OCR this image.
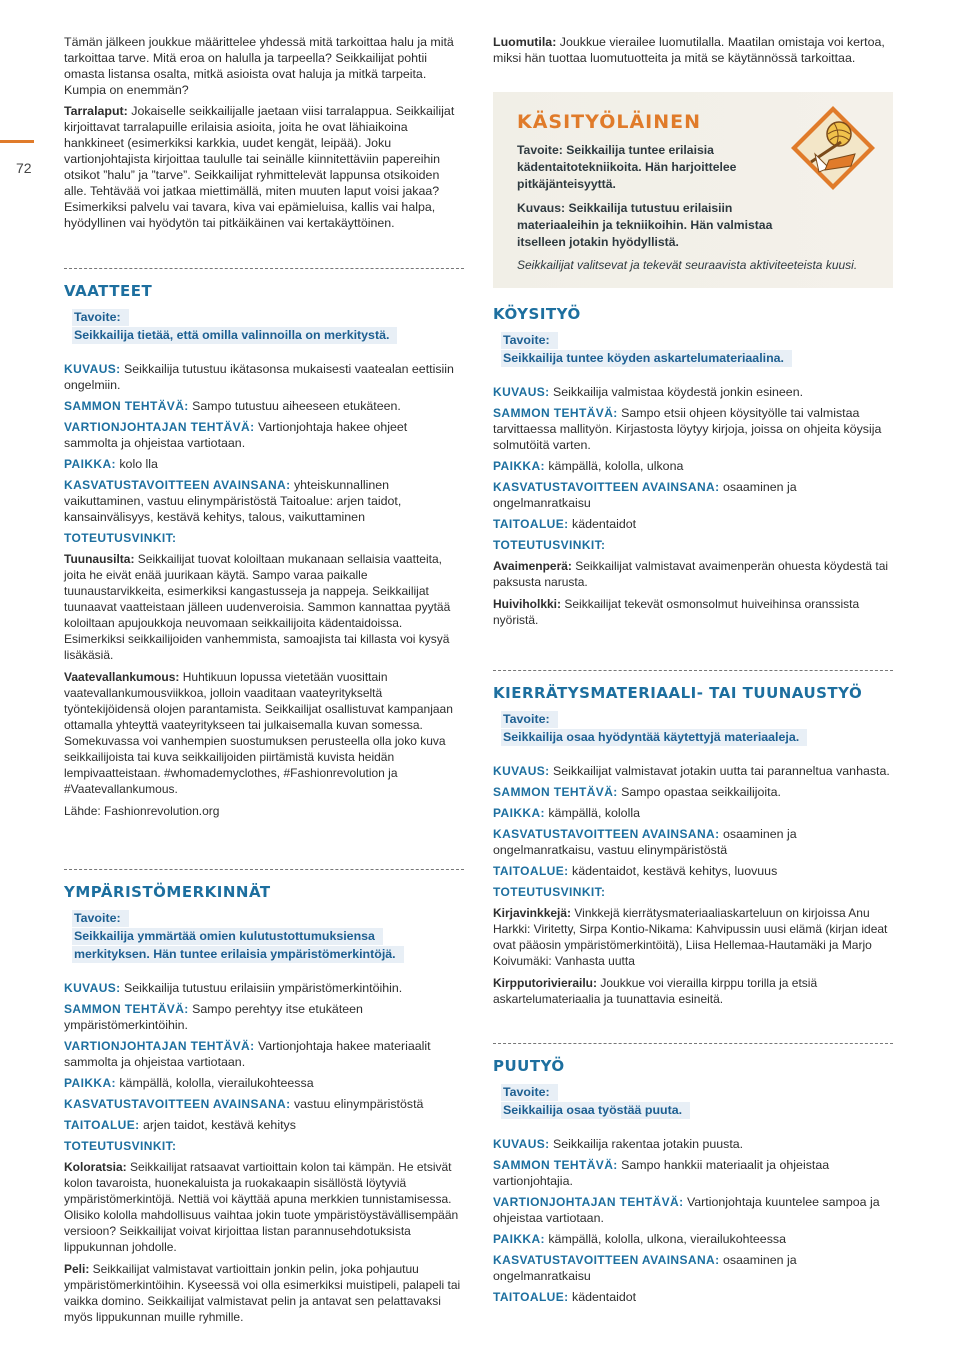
72

Tämän jälkeen joukkue määrittelee yhdessä mitä tarkoittaa halu ja mitä tarkoittaa tarve. Mitä eroa on halulla ja tarpeella? Seikkailijat pohtii omasta listansa osalta, mitkä asioista ovat haluja ja mitkä tarpeita. Kumpia on enemmän?

Tarralaput: Jokaiselle seikkailijalle jaetaan viisi tarralappua. Seikkailijat kirjoittavat tarralapuille erilaisia asioita, joita he ovat lähiaikoina hankkineet (esimerkiksi karkkia, uudet kengät, leipää). Joku vartionjohtajista kirjoittaa taululle tai seinälle kiinnitettäviin papereihin otsikot ”halu” ja ”tarve”. Seikkailijat ryhmittelevät lappunsa otsikoiden alle. Tehtävää voi jatkaa miettimällä, miten muuten laput voisi jakaa? Esimerkiksi palvelu vai tavara, kiva vai epämieluisa, kallis vai halpa, hyödyllinen vai hyödytön tai pitkäikäinen vai kertakäyttöinen.

VAATTEET
Tavoite:
Seikkailija tietää, että omilla valinnoilla on merkitystä.

KUVAUS: Seikkailija tutustuu ikätasonsa mukaisesti vaatealan eettisiin ongelmiin.

SAMMON TEHTÄVÄ: Sampo tutustuu aiheeseen etukäteen.

VARTIONJOHTAJAN TEHTÄVÄ: Vartionjohtaja hakee ohjeet sammolta ja ohjeistaa vartiotaan.

PAIKKA: kolo lla

KASVATUSTAVOITTEEN AVAINSANA: yhteiskunnallinen vaikuttaminen, vastuu elinympäristöstä Taitoalue: arjen taidot, kansainvälisyys, kestävä kehitys, talous, vaikuttaminen

TOTEUTUSVINKIT:

Tuunausilta: Seikkailijat tuovat koloiltaan mukanaan sellaisia vaatteita, joita he eivät enää juurikaan käytä. Sampo varaa paikalle tuunaustarvikkeita, esimerkiksi kangastusseja ja nappeja. Seikkailijat tuunaavat vaatteistaan jälleen uudenveroisia. Sammon kannattaa pyytää koloiltaan apujoukkoja neuvomaan seikkailijoita kädentaidoissa. Esimerkiksi seikkailijoiden vanhemmista, samoajista tai killasta voi kysyä lisäkäsiä.

Vaatevallankumous: Huhtikuun lopussa vietetään vuosittain vaatevallankumousviikkoa, jolloin vaaditaan vaateyritykseltä työntekijöidensä olojen parantamista. Seikkailijat osallistuvat kampanjaan ottamalla yhteyttä vaateyritykseen tai julkaisemalla kuvan somessa. Somekuvassa voi vanhempien suostumuksen perusteella olla joko kuva seikkailijoista tai kuva seikkailijoiden piirtämistä kuvista heidän lempivaatteistaan. #whomademyclothes, #Fashionrevolution ja #Vaatevallankumous.

Lähde: Fashionrevolution.org

YMPÄRISTÖMERKINNÄT
Tavoite:
Seikkailija ymmärtää omien kulutustottumuksiensa
merkityksen. Hän tuntee erilaisia ympäristömerkintöjä.

KUVAUS: Seikkailija tutustuu erilaisiin ympäristömerkintöihin.

SAMMON TEHTÄVÄ: Sampo perehtyy itse etukäteen ympäristömerkintöihin.

VARTIONJOHTAJAN TEHTÄVÄ: Vartionjohtaja hakee materiaalit sammolta ja ohjeistaa vartiotaan.

PAIKKA: kämpällä, kololla, vierailukohteessa

KASVATUSTAVOITTEEN AVAINSANA: vastuu elinympäristöstä

TAITOALUE: arjen taidot, kestävä kehitys

TOTEUTUSVINKIT:

Koloratsia: Seikkailijat ratsaavat vartioittain kolon tai kämpän. He etsivät kolon tavaroista, huonekaluista ja ruokakaapin sisällöstä löytyviä ympäristömerkintöjä. Nettiä voi käyttää apuna merkkien tunnistamisessa. Olisiko kololla mahdollisuus vaihtaa jokin tuote ympäristöystävällisempään versioon? Seikkailijat voivat kirjoittaa listan parannusehdotuksista lippukunnan johdolle.

Peli: Seikkailijat valmistavat vartioittain jonkin pelin, joka pohjautuu ympäristömerkintöihin. Kyseessä voi olla esimerkiksi muistipeli, palapeli tai vaikka domino. Seikkailijat valmistavat pelin ja antavat sen pelattavaksi myös lippukunnan muille ryhmille.

Luomutila: Joukkue vierailee luomutilalla. Maatilan omistaja voi kertoa, miksi hän tuottaa luomutuotteita ja mitä se käytännössä tarkoittaa.

KÄSITYÖLÄINEN
Tavoite: Seikkailija tuntee erilaisia kädentaitotekniikoita. Hän harjoittelee pitkäjänteisyyttä.
Kuvaus: Seikkailija tutustuu erilaisiin materiaaleihin ja tekniikoihin. Hän valmistaa itselleen jotakin hyödyllistä.
Seikkailijat valitsevat ja tekevät seuraavista aktiviteeteista kuusi.
KÖYSITYÖ
Tavoite:
Seikkailija tuntee köyden askartelumateriaalina.

KUVAUS: Seikkailija valmistaa köydestä jonkin esineen.

SAMMON TEHTÄVÄ: Sampo etsii ohjeen köysityölle tai valmistaa tarvittaessa mallityön. Kirjastosta löytyy kirjoja, joissa on ohjeita köysija solmutöitä varten.

PAIKKA: kämpällä, kololla, ulkona

KASVATUSTAVOITTEEN AVAINSANA: osaaminen ja ongelmanratkaisu

TAITOALUE: kädentaidot

TOTEUTUSVINKIT:

Avaimenperä: Seikkailijat valmistavat avaimenperän ohuesta köydestä tai paksusta narusta.

Huiviholkki: Seikkailijat tekevät osmonsolmut huiveihinsa oranssista nyöristä.

KIERRÄTYSMATERIAALI- TAI TUUNAUSTYÖ
Tavoite:
Seikkailija osaa hyödyntää käytettyjä materiaaleja.

KUVAUS: Seikkailijat valmistavat jotakin uutta tai paranneltua vanhasta.

SAMMON TEHTÄVÄ: Sampo opastaa seikkailijoita.

PAIKKA: kämpällä, kololla

KASVATUSTAVOITTEEN AVAINSANA: osaaminen ja ongelmanratkaisu, vastuu elinympäristöstä

TAITOALUE: kädentaidot, kestävä kehitys, luovuus

TOTEUTUSVINKIT:

Kirjavinkkejä: Vinkkejä kierrätysmateriaaliaskarteluun on kirjoissa Anu Harkki: Viritetty, Sirpa Kontio-Nikama: Kahvipussin uusi elämä (kirjan ideat ovat pääosin ympäristömerkintöitä), Liisa Hellemaa-Hautamäki ja Marjo Koivumäki: Vanhasta uutta

Kirpputorivierailu: Joukkue voi vierailla kirppu torilla ja etsiä askartelumateriaalia ja tuunattavia esineitä.

PUUTYÖ
Tavoite:
Seikkailija osaa työstää puuta.

KUVAUS: Seikkailija rakentaa jotakin puusta.

SAMMON TEHTÄVÄ: Sampo hankkii materiaalit ja ohjeistaa vartionjohtajia.

VARTIONJOHTAJAN TEHTÄVÄ: Vartionjohtaja kuuntelee sampoa ja ohjeistaa vartiotaan.

PAIKKA: kämpällä, kololla, ulkona, vierailukohteessa

KASVATUSTAVOITTEEN AVAINSANA: osaaminen ja ongelmanratkaisu

TAITOALUE: kädentaidot
